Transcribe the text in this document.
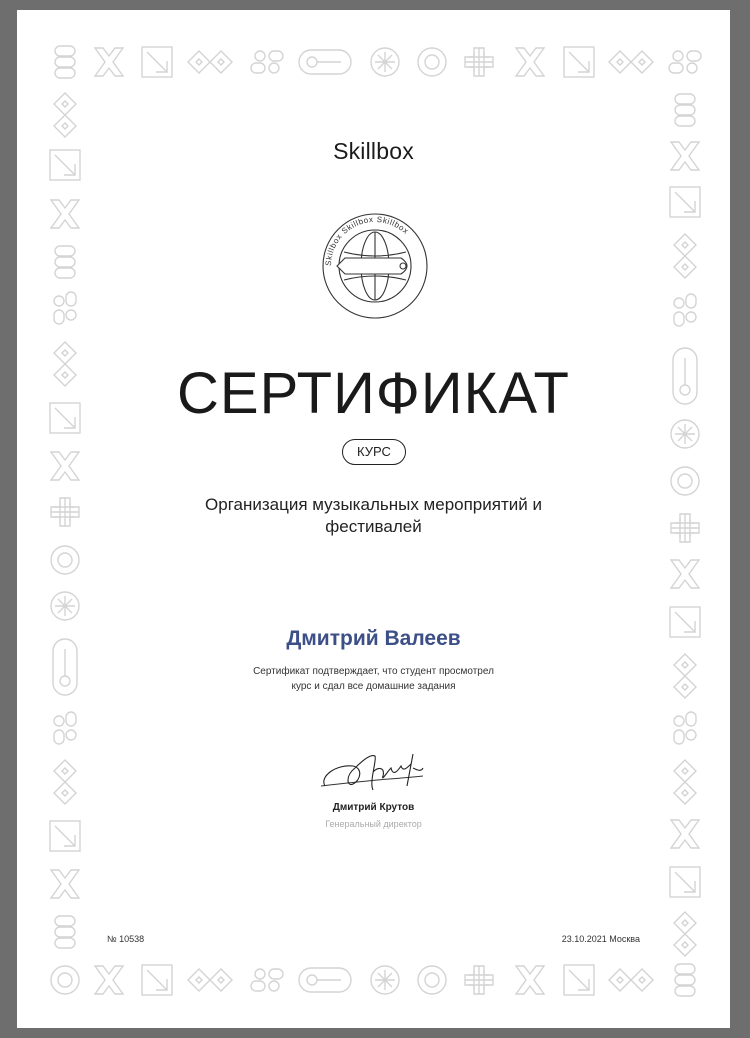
Skillbox
Skillbox Skillbox Skillbox
СЕРТИФИКАТ
КУРС
Организация музыкальных мероприятий и фестивалей
Дмитрий Валеев
Сертификат подтверждает, что студент просмотрел курс и сдал все домашние задания
Дмитрий Крутов
Генеральный директор
№ 10538	23.10.2021 Москва
